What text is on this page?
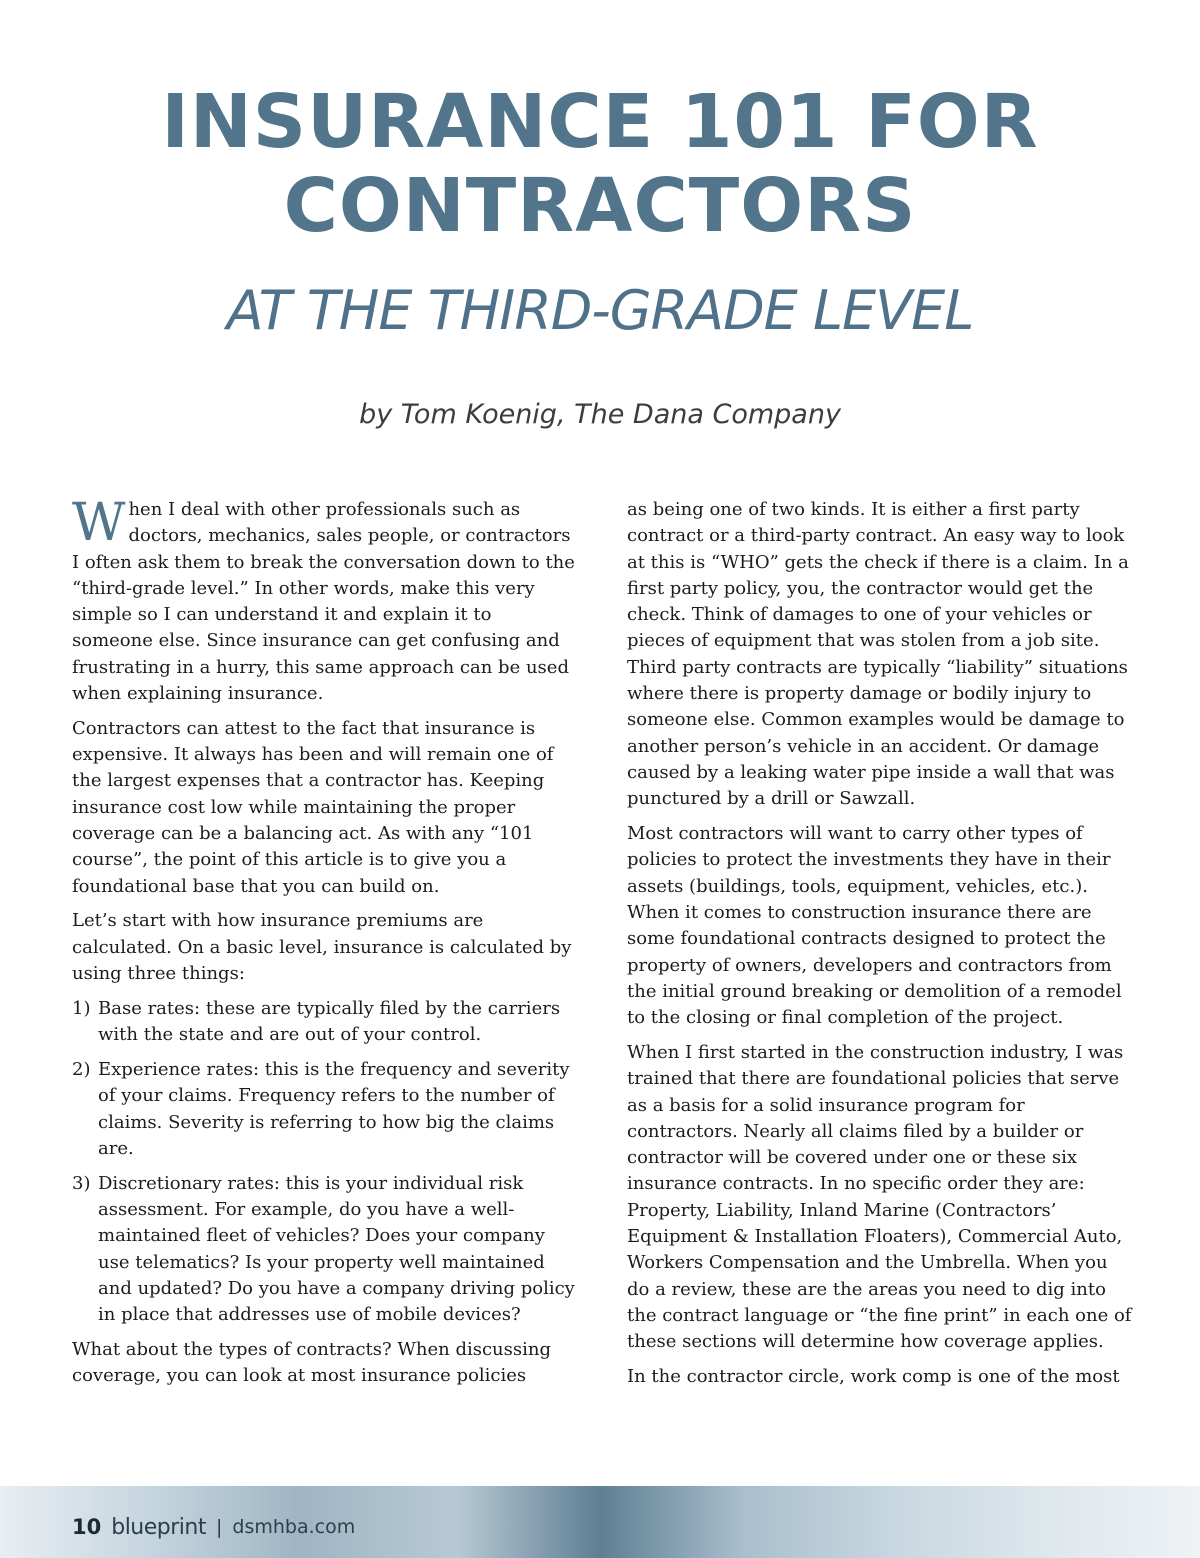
INSURANCE 101 FOR
CONTRACTORS
AT THE THIRD-GRADE LEVEL
by Tom Koenig, The Dana Company

When I deal with other professionals such as doctors, mechanics, sales people, or contractors I often ask them to break the conversation down to the “third-grade level.” In other words, make this very simple so I can understand it and explain it to someone else. Since insurance can get confusing and frustrating in a hurry, this same approach can be used when explaining insurance.

Contractors can attest to the fact that insurance is expensive. It always has been and will remain one of the largest expenses that a contractor has. Keeping insurance cost low while maintaining the proper coverage can be a balancing act. As with any “101 course”, the point of this article is to give you a foundational base that you can build on.

Let’s start with how insurance premiums are calculated. On a basic level, insurance is calculated by using three things:

1) Base rates: these are typically filed by the carriers with the state and are out of your control.
2) Experience rates: this is the frequency and severity of your claims. Frequency refers to the number of claims. Severity is referring to how big the claims are.
3) Discretionary rates: this is your individual risk assessment. For example, do you have a well-maintained fleet of vehicles? Does your company use telematics? Is your property well maintained and updated? Do you have a company driving policy in place that addresses use of mobile devices?

What about the types of contracts? When discussing coverage, you can look at most insurance policies

as being one of two kinds. It is either a first party contract or a third-party contract. An easy way to look at this is “WHO” gets the check if there is a claim. In a first party policy, you, the contractor would get the check. Think of damages to one of your vehicles or pieces of equipment that was stolen from a job site. Third party contracts are typically “liability” situations where there is property damage or bodily injury to someone else. Common examples would be damage to another person’s vehicle in an accident. Or damage caused by a leaking water pipe inside a wall that was punctured by a drill or Sawzall.

Most contractors will want to carry other types of policies to protect the investments they have in their assets (buildings, tools, equipment, vehicles, etc.). When it comes to construction insurance there are some foundational contracts designed to protect the property of owners, developers and contractors from the initial ground breaking or demolition of a remodel to the closing or final completion of the project.

When I first started in the construction industry, I was trained that there are foundational policies that serve as a basis for a solid insurance program for contractors. Nearly all claims filed by a builder or contractor will be covered under one or these six insurance contracts. In no specific order they are: Property, Liability, Inland Marine (Contractors’ Equipment & Installation Floaters), Commercial Auto, Workers Compensation and the Umbrella. When you do a review, these are the areas you need to dig into the contract language or “the fine print” in each one of these sections will determine how coverage applies.

In the contractor circle, work comp is one of the most

10 blueprint | dsmhba.com
